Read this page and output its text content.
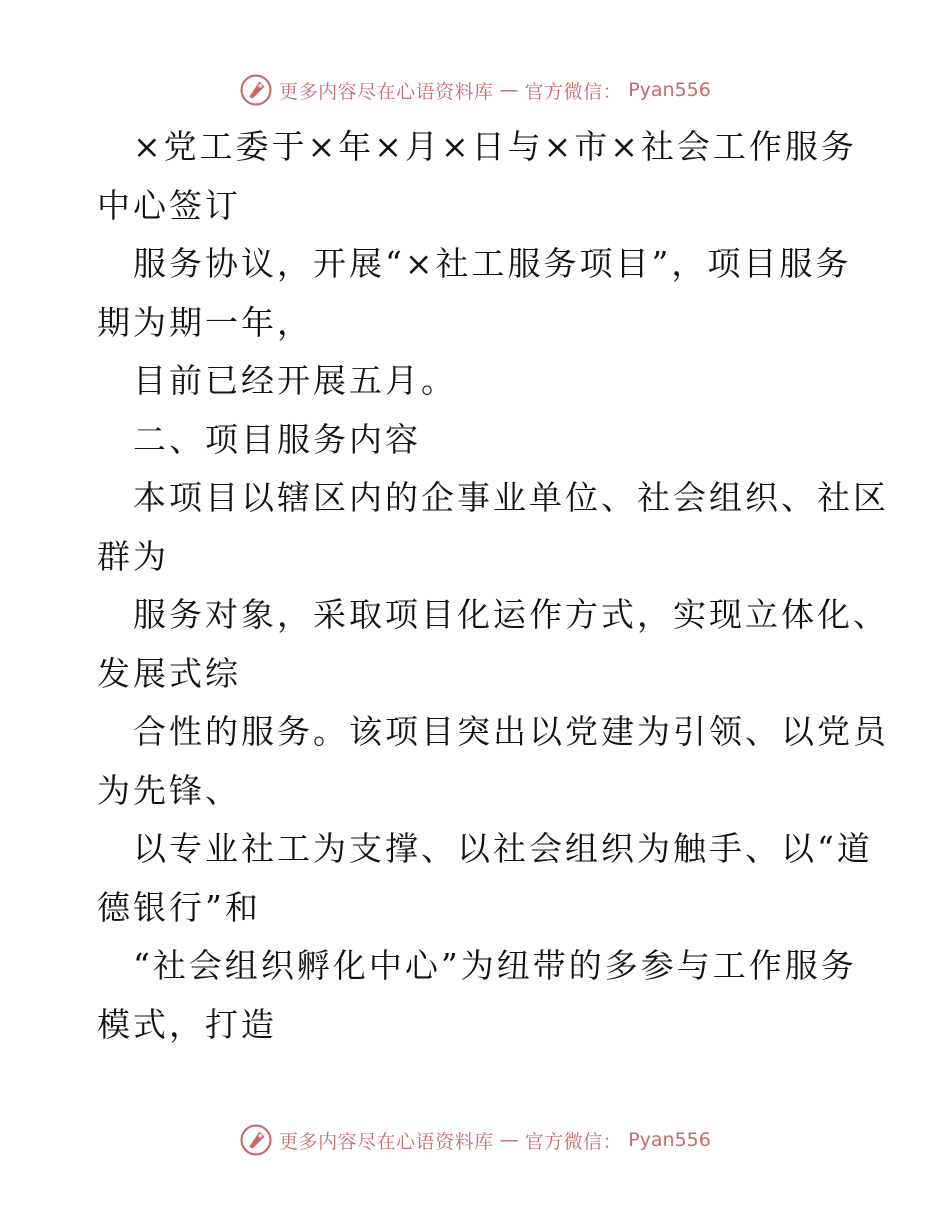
更多内容尽在心语资料库 — 官方微信： Pyan556
×党工委于×年×月×日与×市×社会工作服务
中心签订
服务协议，开展“×社工服务项目”，项目服务
期为期一年，
目前已经开展五月。
二、项目服务内容
本项目以辖区内的企事业单位、社会组织、社区
群为
服务对象，采取项目化运作方式，实现立体化、
发展式综
合性的服务。该项目突出以党建为引领、以党员
为先锋、
以专业社工为支撑、以社会组织为触手、以“道
德银行”和
“社会组织孵化中心”为纽带的多参与工作服务
模式，打造
更多内容尽在心语资料库 — 官方微信： Pyan556
